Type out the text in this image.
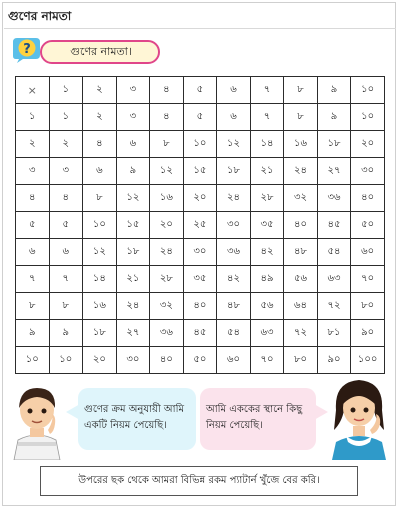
গুণের নামতা
?	গুণের নামতা।
×	১	২	৩	৪	৫	৬	৭	৮	৯	১০
১	১	২	৩	৪	৫	৬	৭	৮	৯	১০
২	২	৪	৬	৮	১০	১২	১৪	১৬	১৮	২০
৩	৩	৬	৯	১২	১৫	১৮	২১	২৪	২৭	৩০
৪	৪	৮	১২	১৬	২০	২৪	২৮	৩২	৩৬	৪০
৫	৫	১০	১৫	২০	২৫	৩০	৩৫	৪০	৪৫	৫০
৬	৬	১২	১৮	২৪	৩০	৩৬	৪২	৪৮	৫৪	৬০
৭	৭	১৪	২১	২৮	৩৫	৪২	৪৯	৫৬	৬৩	৭০
৮	৮	১৬	২৪	৩২	৪০	৪৮	৫৬	৬৪	৭২	৮০
৯	৯	১৮	২৭	৩৬	৪৫	৫৪	৬৩	৭২	৮১	৯০
১০	১০	২০	৩০	৪০	৫০	৬০	৭০	৮০	৯০	১০০
গুণের ক্রম অনুযায়ী আমি একটি নিয়ম পেয়েছি।
আমি এককের স্থানে কিছু নিয়ম পেয়েছি।
উপরের ছক থেকে আমরা বিভিন্ন রকম প্যাটার্ন খুঁজে বের করি।
